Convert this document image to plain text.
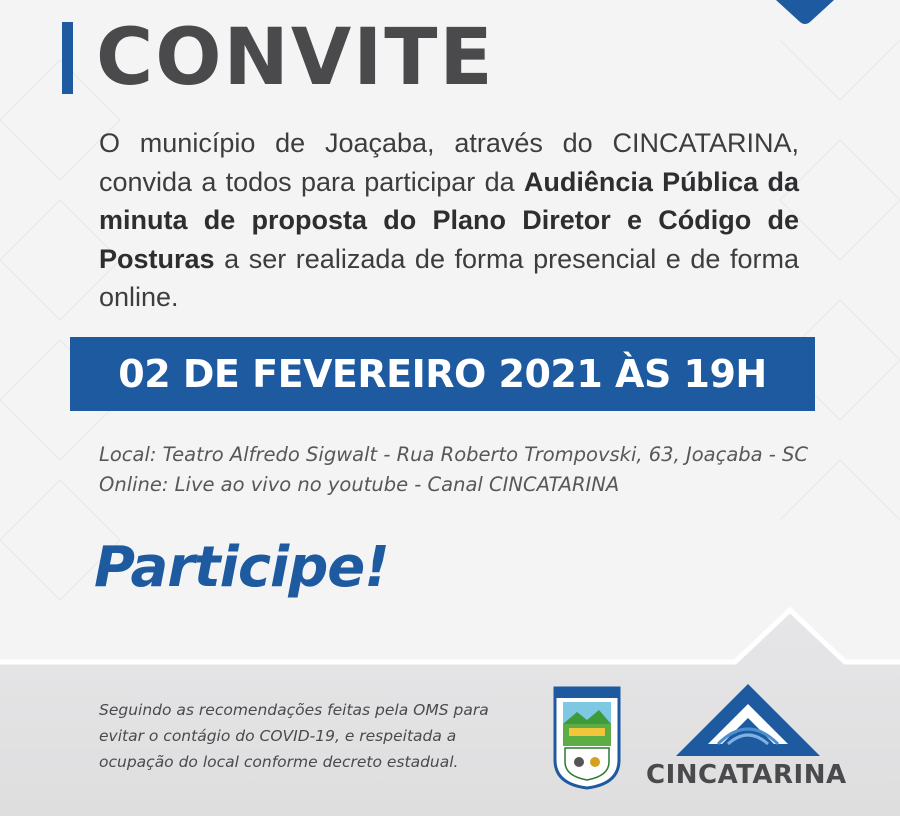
CONVITE
O município de Joaçaba, através do CINCATARINA, convida a todos para participar da Audiência Pública da minuta de proposta do Plano Diretor e Código de Posturas a ser realizada de forma presencial e de forma online.
02 DE FEVEREIRO 2021 ÀS 19H
Local: Teatro Alfredo Sigwalt - Rua Roberto Trompovski, 63, Joaçaba - SC
Online: Live ao vivo no youtube - Canal CINCATARINA
Participe!
Seguindo as recomendações feitas pela OMS para
evitar o contágio do COVID-19, e respeitada a
ocupação do local conforme decreto estadual.	CINCATARINA
